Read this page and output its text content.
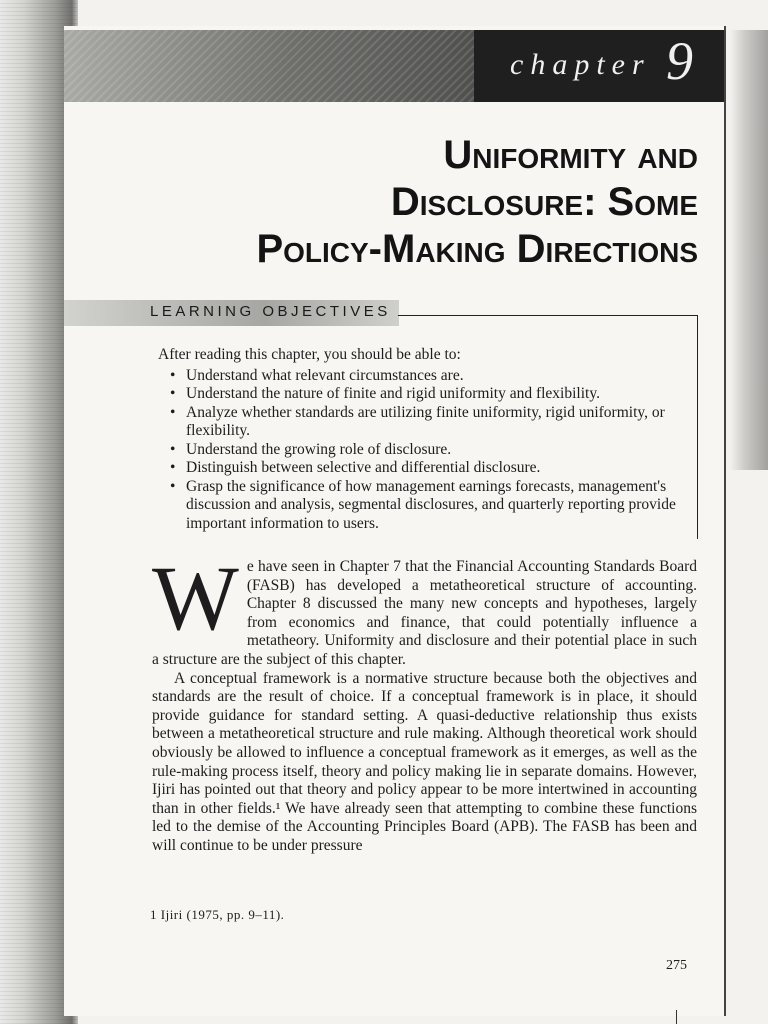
chapter 9
Uniformity and
Disclosure: Some
Policy-Making Directions
LEARNING OBJECTIVES
After reading this chapter, you should be able to:
• Understand what relevant circumstances are.
• Understand the nature of finite and rigid uniformity and flexibility.
• Analyze whether standards are utilizing finite uniformity, rigid uniformity, or flexibility.
• Understand the growing role of disclosure.
• Distinguish between selective and differential disclosure.
• Grasp the significance of how management earnings forecasts, management's discussion and analysis, segmental disclosures, and quarterly reporting provide important information to users.
W e have seen in Chapter 7 that the Financial Accounting Standards Board (FASB) has developed a metatheoretical structure of accounting. Chapter 8 discussed the many new concepts and hypotheses, largely from economics and finance, that could potentially influence a metatheory. Uniformity and disclosure and their potential place in such a structure are the subject of this chapter.

A conceptual framework is a normative structure because both the objectives and standards are the result of choice. If a conceptual framework is in place, it should provide guidance for standard setting. A quasi-deductive relationship thus exists between a metatheoretical structure and rule making. Although theoretical work should obviously be allowed to influence a conceptual framework as it emerges, as well as the rule-making process itself, theory and policy making lie in separate domains. However, Ijiri has pointed out that theory and policy appear to be more intertwined in accounting than in other fields.¹ We have already seen that attempting to combine these functions led to the demise of the Accounting Principles Board (APB). The FASB has been and will continue to be under pressure

1 Ijiri (1975, pp. 9–11).
275
